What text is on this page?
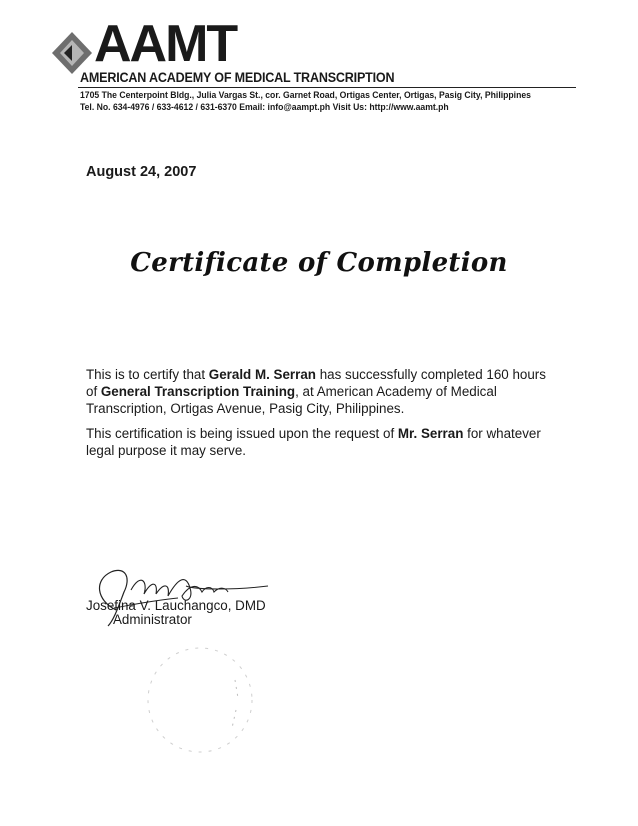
AAMT
AMERICAN ACADEMY OF MEDICAL TRANSCRIPTION
1705 The Centerpoint Bldg., Julia Vargas St., cor. Garnet Road, Ortigas Center, Ortigas, Pasig City, Philippines
Tel. No. 634-4976 / 633-4612 / 631-6370 Email: info@aampt.ph Visit Us: http://www.aamt.ph
August 24, 2007
Certificate of Completion
This is to certify that Gerald M. Serran has successfully completed 160 hours of General Transcription Training, at American Academy of Medical Transcription, Ortigas Avenue, Pasig City, Philippines.
This certification is being issued upon the request of Mr. Serran for whatever legal purpose it may serve.
Josefina V. Lauchangco, DMD
Administrator
